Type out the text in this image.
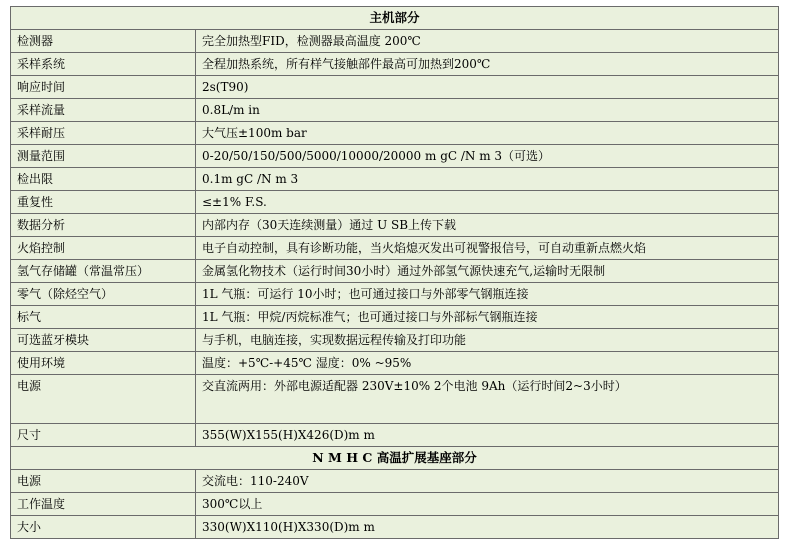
主机部分	
检测器	完全加热型FID，检测器最高温度 200℃
采样系统	全程加热系统，所有样气接触部件最高可加热到200℃
响应时间	2s(T90)
采样流量	0.8L/m in
采样耐压	大气压±100m bar
测量范围	0-20/50/150/500/5000/10000/20000 m gC /N m 3（可选）
检出限	0.1m gC /N m 3
重复性	≤±1% F.S.
数据分析	内部内存（30天连续测量）通过 U SB上传下载
火焰控制	电子自动控制，具有诊断功能，当火焰熄灭发出可视警报信号，可自动重新点燃火焰
氢气存储罐（常温常压）	金属氢化物技术（运行时间30小时）通过外部氢气源快速充气,运输时无限制
零气（除烃空气）	1L 气瓶：可运行 10小时；也可通过接口与外部零气钢瓶连接
标气	1L 气瓶：甲烷/丙烷标准气；也可通过接口与外部标气钢瓶连接
可选蓝牙模块	与手机，电脑连接，实现数据远程传输及打印功能
使用环境	温度：+5℃-+45℃ 湿度：0% ~95%
电源	交直流两用：外部电源适配器 230V±10% 2个电池 9Ah（运行时间2~3小时）
尺寸	355(W)X155(H)X426(D)m m
N M H C 高温扩展基座部分	
电源	交流电：110-240V
工作温度	300℃以上
大小	330(W)X110(H)X330(D)m m
